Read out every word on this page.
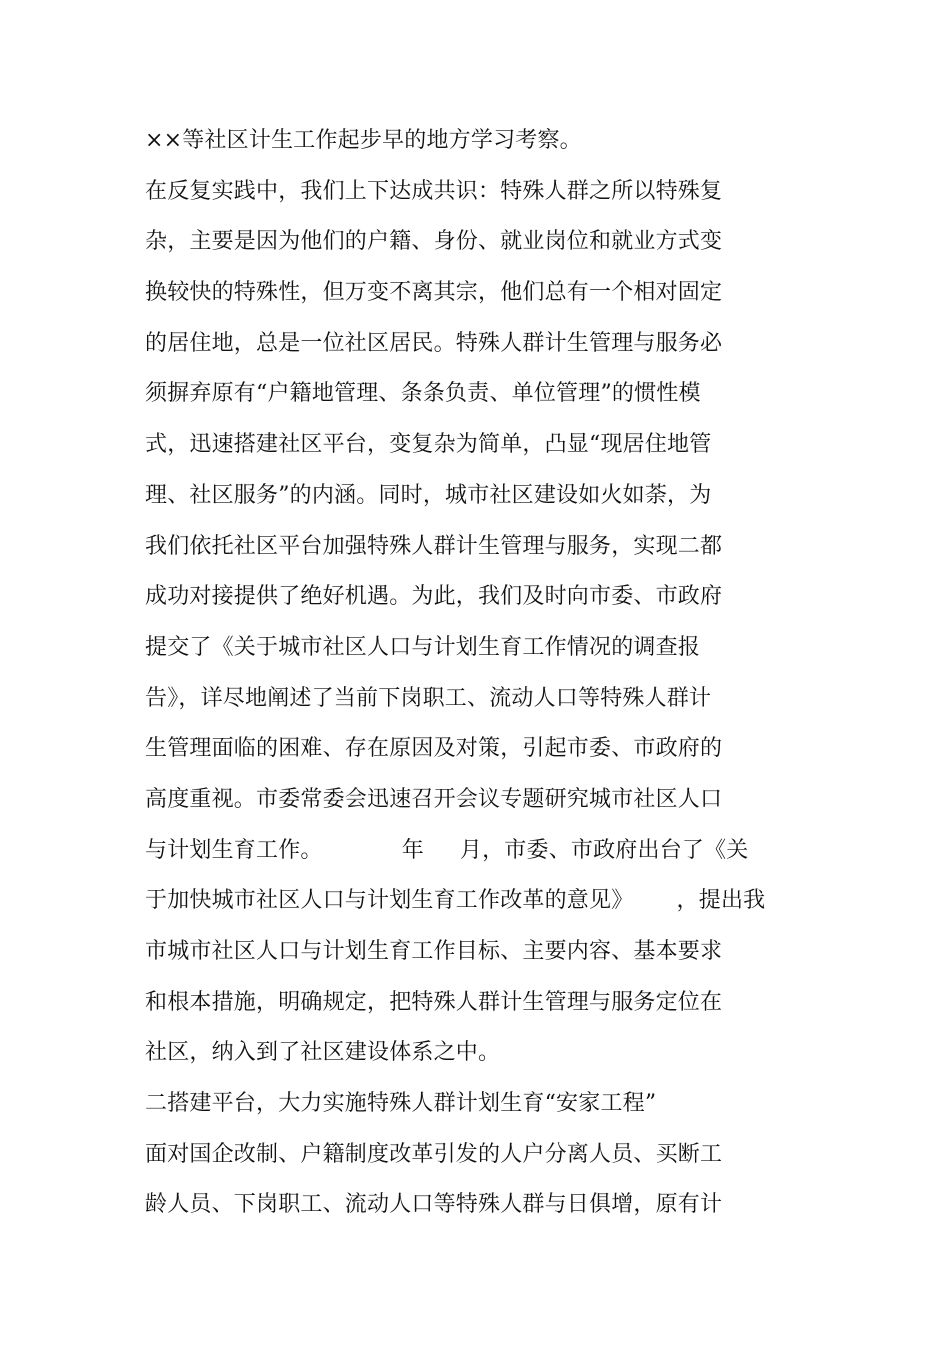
××等社区计生工作起步早的地方学习考察。
在反复实践中，我们上下达成共识：特殊人群之所以特殊复
杂，主要是因为他们的户籍、身份、就业岗位和就业方式变
换较快的特殊性，但万变不离其宗，他们总有一个相对固定
的居住地，总是一位社区居民。特殊人群计生管理与服务必
须摒弃原有“户籍地管理、条条负责、单位管理”的惯性模
式，迅速搭建社区平台，变复杂为简单，凸显“现居住地管
理、社区服务”的内涵。同时，城市社区建设如火如荼，为
我们依托社区平台加强特殊人群计生管理与服务，实现二都
成功对接提供了绝好机遇。为此，我们及时向市委、市政府
提交了《关于城市社区人口与计划生育工作情况的调查报
告》，详尽地阐述了当前下岗职工、流动人口等特殊人群计
生管理面临的困难、存在原因及对策，引起市委、市政府的
高度重视。市委常委会迅速召开会议专题研究城市社区人口
与计划生育工作。           年     月，市委、市政府出台了《关
于加快城市社区人口与计划生育工作改革的意见》      ，提出我
市城市社区人口与计划生育工作目标、主要内容、基本要求
和根本措施，明确规定，把特殊人群计生管理与服务定位在
社区，纳入到了社区建设体系之中。
二搭建平台，大力实施特殊人群计划生育“安家工程”
面对国企改制、户籍制度改革引发的人户分离人员、买断工
龄人员、下岗职工、流动人口等特殊人群与日俱增，原有计
